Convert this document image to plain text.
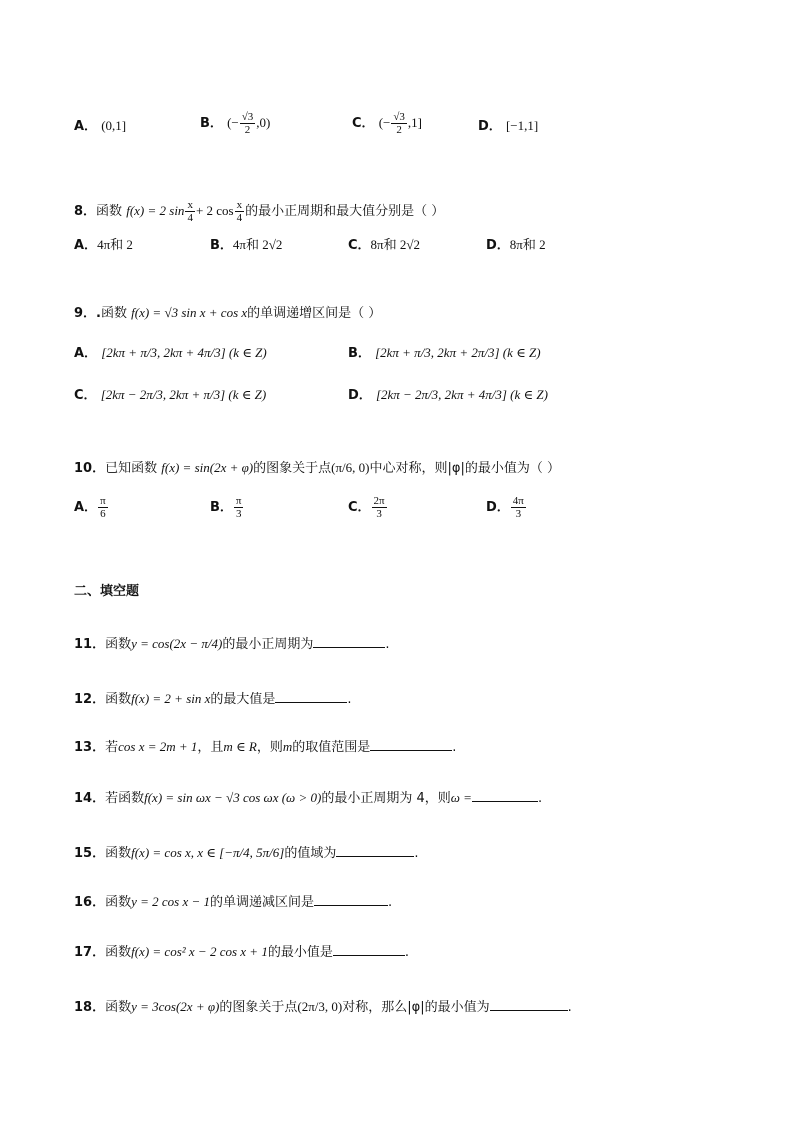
A． (0,1]	B． (− $\frac{√3}{2} ,0$)	C． (− $\frac{√3}{2} ,1$]	D． [−1,1]
8．函数 f(x) = 2 $\sin \frac{x}{4} + 2$ $\cos \frac{x}{4}$ 的最小正周期和最大值分别是（ ）
A．4π和 2	B．4π和 2√2	C．8π和 2√2	D．8π和 2
9．.函数 f(x) = √3 sin x + cos x的单调递增区间是（ ）
A． [2kπ + π/3, 2kπ + 4π/3] (k ∈ Z)	B． [2kπ + π/3, 2kπ + 2π/3] (k ∈ Z)
C． [2kπ − 2π/3, 2kπ + π/3] (k ∈ Z)	D． [2kπ − 2π/3, 2kπ + 4π/3] (k ∈ Z)
10．已知函数 f(x) = sin(2x + φ)的图象关于点(π/6, 0)中心对称，则|φ|的最小值为（ ）
A． $\frac{\pi}{6}$	B． $\frac{\pi}{3}$	C． $\frac{2\pi}{3}$	D． $\frac{4\pi}{3}$
二、填空题
11．函数y = cos(2x − π/4)的最小正周期为	.
12．函数f(x) = 2 + sin x的最大值是	.
13．若cos x = 2m + 1，且m ∈ R，则m的取值范围是	.
14．若函数f(x) = sin ωx − √3 cos ωx (ω > 0)的最小正周期为 4，则ω =	.
15．函数f(x) = cos x, x ∈ [−π/4, 5π/6]的值域为	.
16．函数y = 2 cos x − 1的单调递减区间是	.
17．函数f(x) = cos² x − 2 cos x + 1的最小值是	.
18．函数y = 3cos(2x + φ)的图象关于点(2π/3, 0)对称，那么|φ|的最小值为	.
